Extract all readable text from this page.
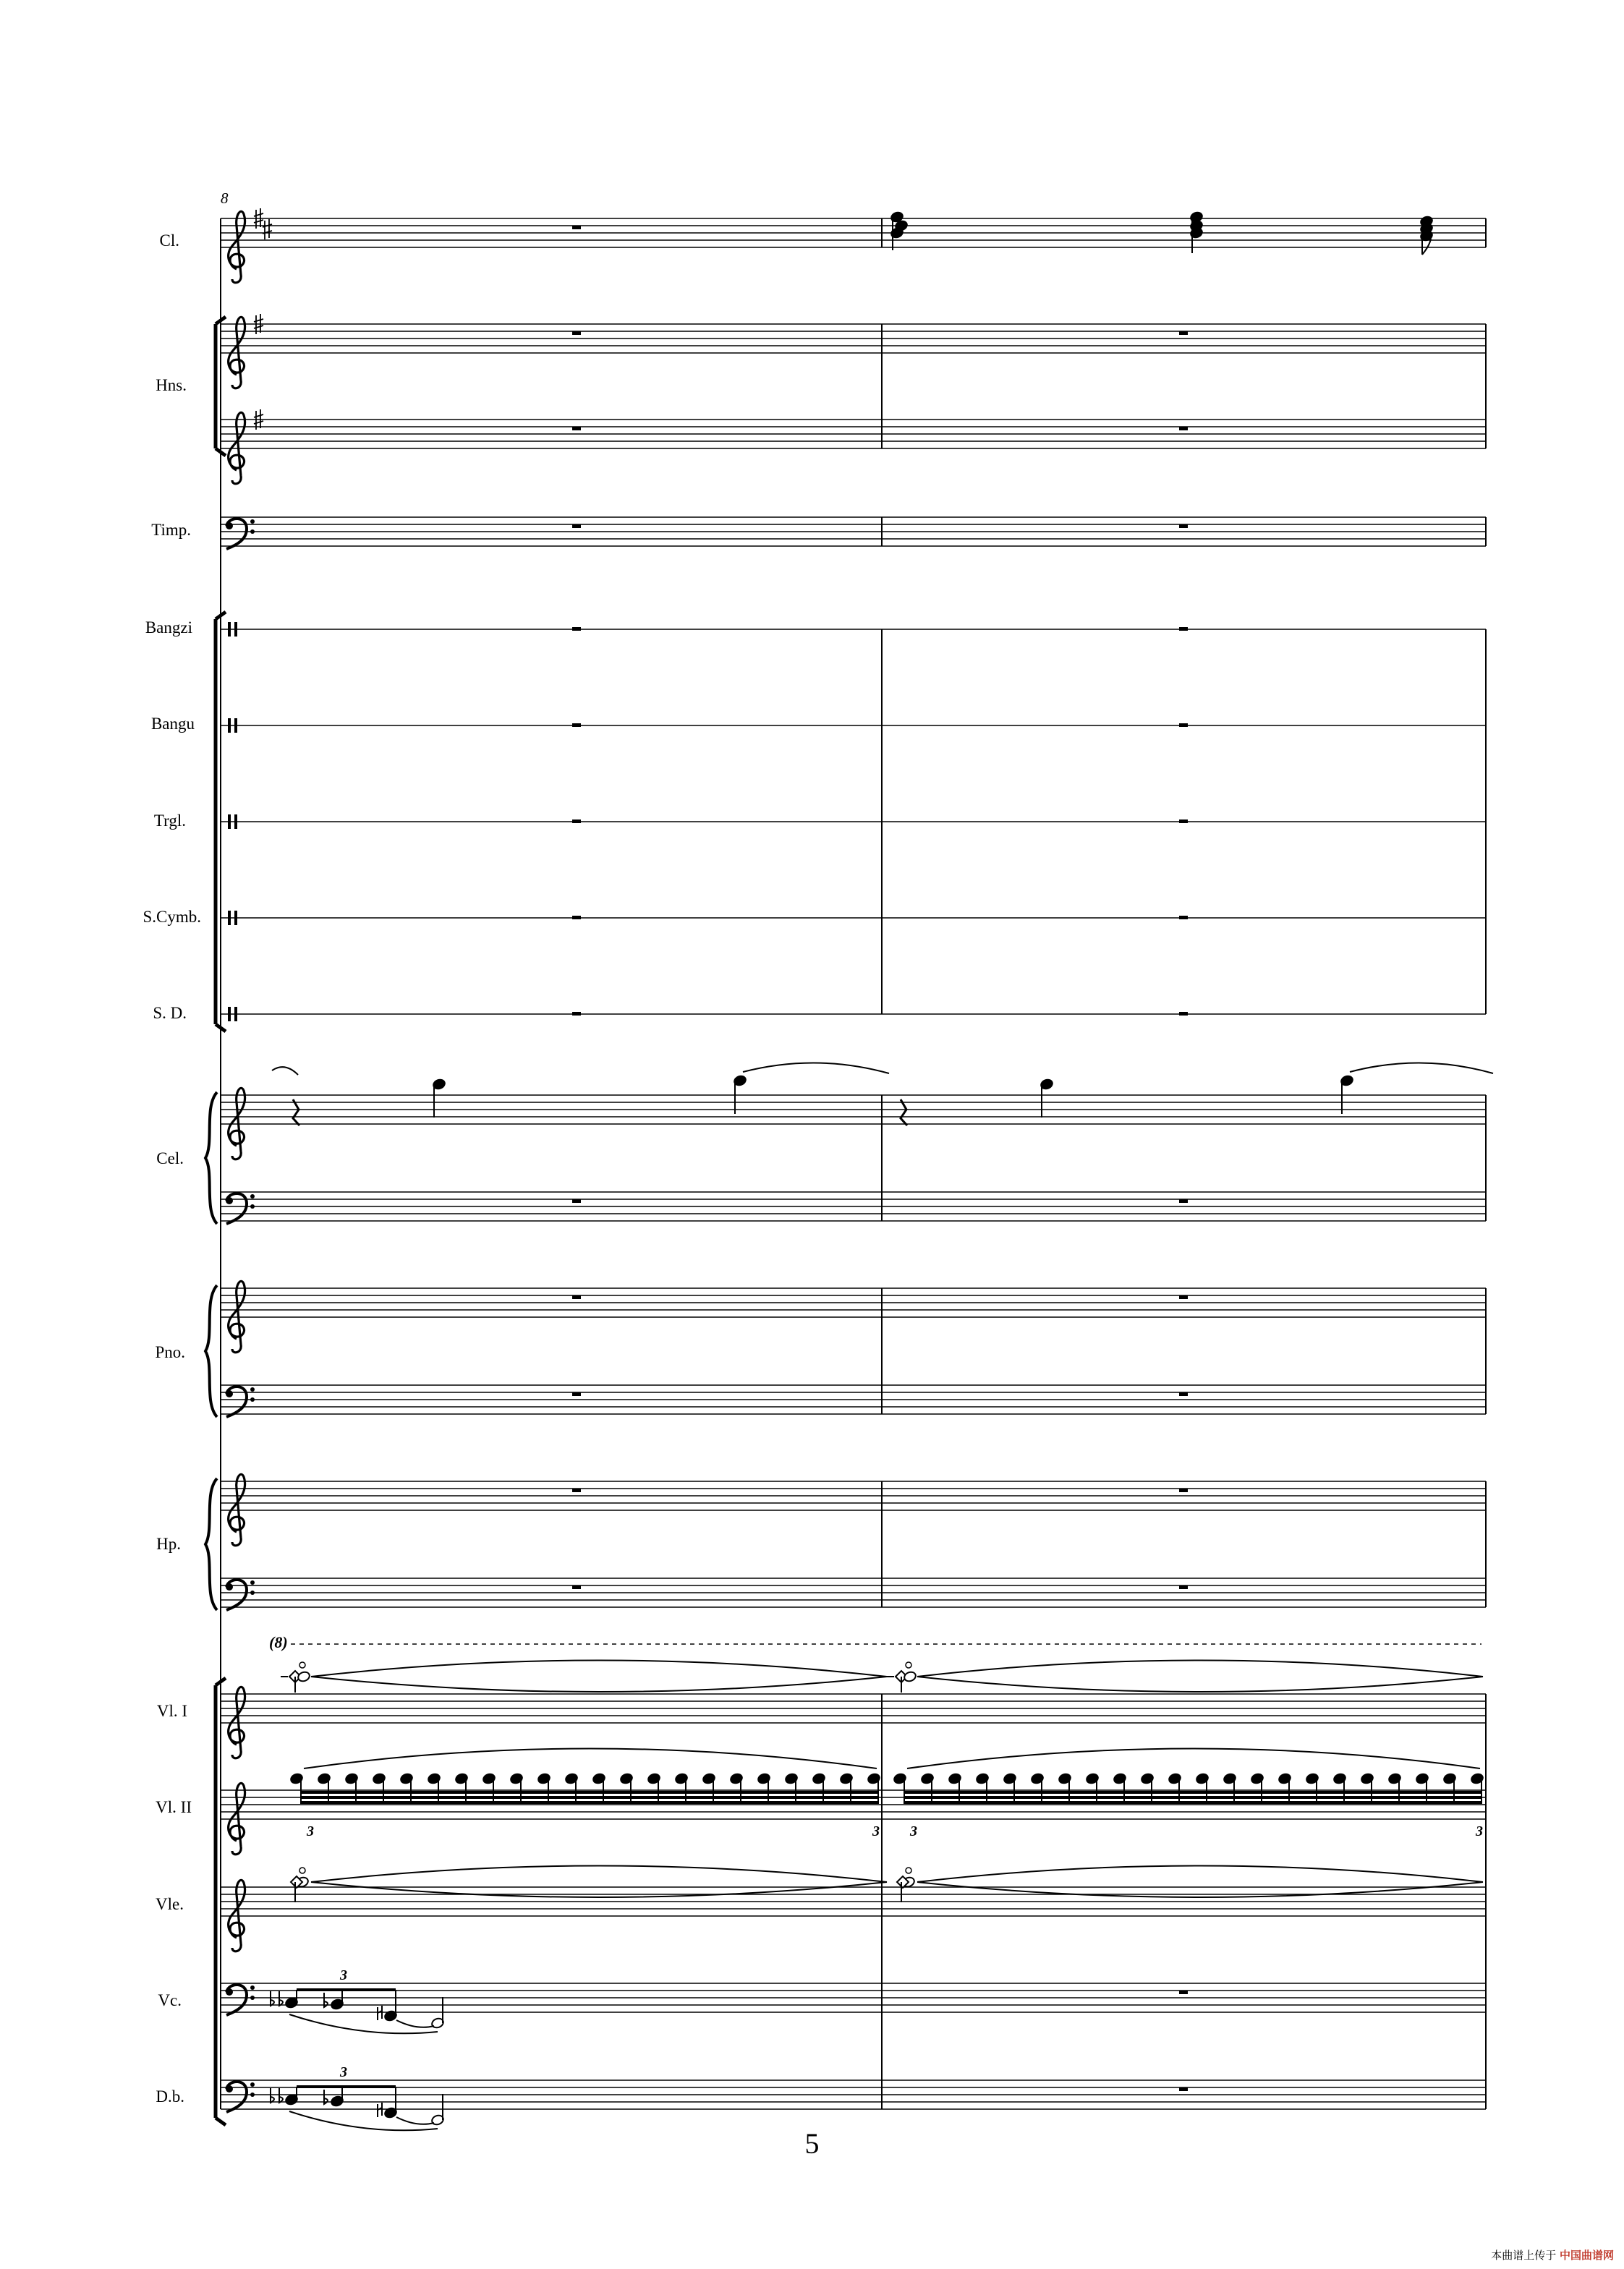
Cl.
Hns.
Timp.
Bangzi
Bangu
Trgl.
S.Cymb.
S. D.
Cel.
Pno.
Hp.
Vl. I
Vl. II
Vle.
Vc.
D.b.
8
(8)
3	3 3	3
3
3
5
本曲谱上传于 中国曲谱网
